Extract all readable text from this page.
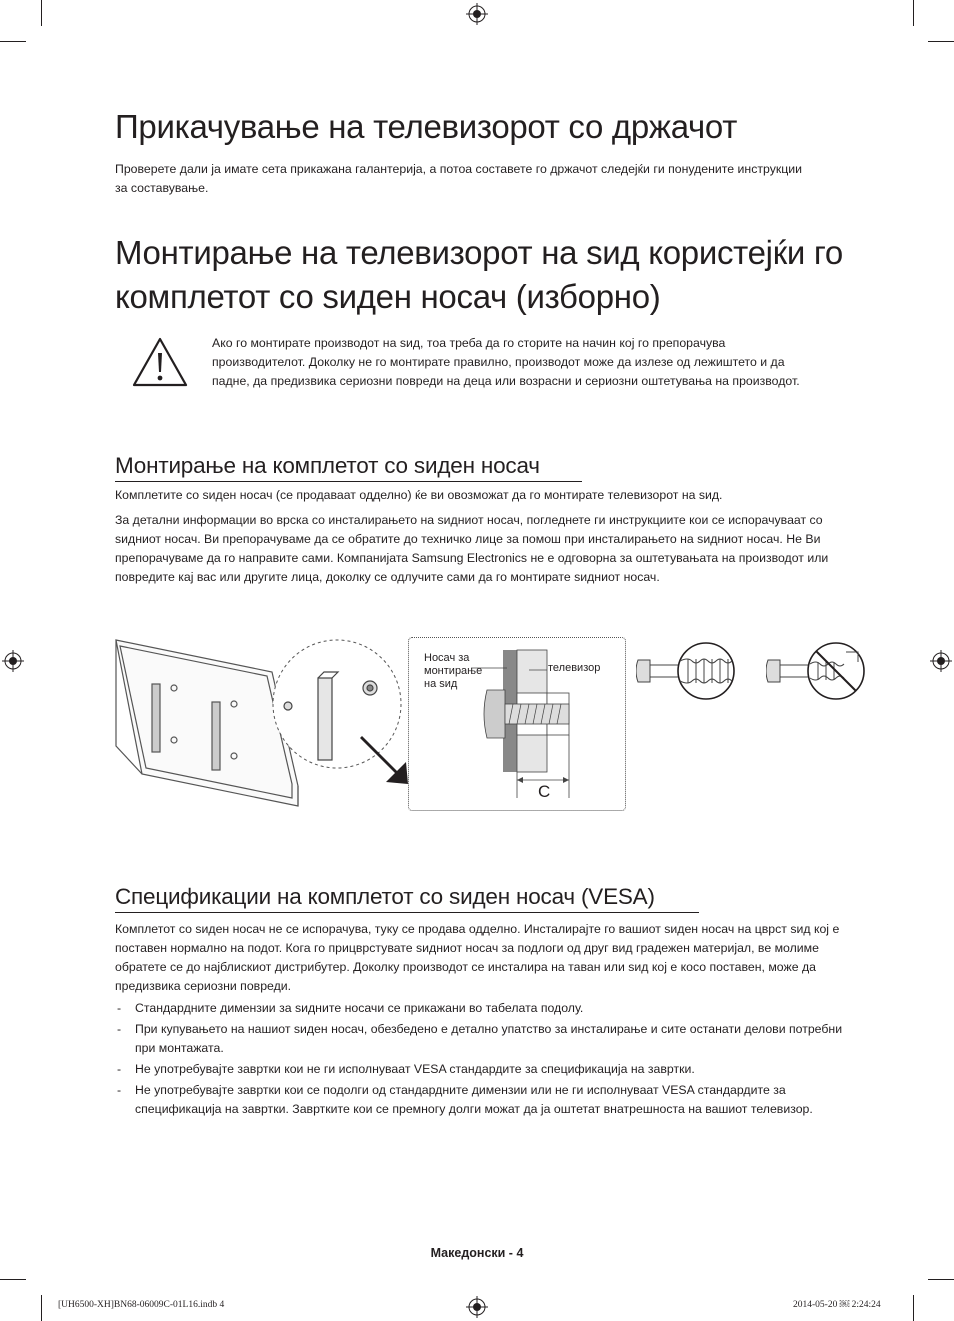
Прикачување на телевизорот со држачот
Проверете дали ја имате сета прикажана галантерија, а потоа составете го држачот следејќи ги понудените инструкции за составување.
Монтирање на телевизорот на ѕид користејќи го комплетот со ѕиден носач (изборно)
Ако го монтирате производот на ѕид, тоа треба да го сторите на начин кој го препорачува производителот. Доколку не го монтирате правилно, производот може да излезе од лежиштето и да падне, да предизвика сериозни повреди на деца или возрасни и сериозни оштетувања на производот.
Монтирање на комплетот со ѕиден носач
Комплетите со ѕиден носач (се продаваат одделно) ќе ви овозможат да го монтирате телевизорот на ѕид.
За детални информации во врска со инсталирањето на ѕидниот носач, погледнете ги инструкциите кои се испорачуваат со ѕидниот носач. Ви препорачуваме да се обратите до техничко лице за помош при инсталирањето на ѕидниот носач. Не Ви препорачуваме да го направите сами. Компанијата Samsung Electronics не е одговорна за оштетувањата на производот или повредите кај вас или другите лица, доколку се одлучите сами да го монтирате ѕидниот носач.
Носач за монтирање на ѕид
телевизор
C
Спецификации на комплетот со ѕиден носач (VESA)
Комплетот со ѕиден носач не се испорачува, туку се продава одделно. Инсталирајте го вашиот ѕиден носач на цврст ѕид кој е поставен нормално на подот. Кога го прицврстувате ѕидниот носач за подлоги од друг вид градежен материјал, ве молиме обратете се до најблискиот дистрибутер. Доколку производот се инсталира на таван или ѕид кој е косо поставен, може да предизвика сериозни повреди.
- Стандардните димензии за ѕидните носачи се прикажани во табелата подолу.
- При купувањето на нашиот ѕиден носач, обезбедено е детално упатство за инсталирање и сите останати делови потребни при монтажата.
- Не употребувајте завртки кои не ги исполнуваат VESA стандардите за спецификација на завртки.
- Не употребувајте завртки кои се подолги од стандардните димензии или не ги исполнуваат VESA стандардите за спецификација на завртки. Завртките кои се премногу долги можат да ја оштетат внатрешноста на вашиот телевизор.
Македонски - 4
[UH6500-XH]BN68-06009C-01L16.indb 4	2014-05-20 ￼ 2:24:24
